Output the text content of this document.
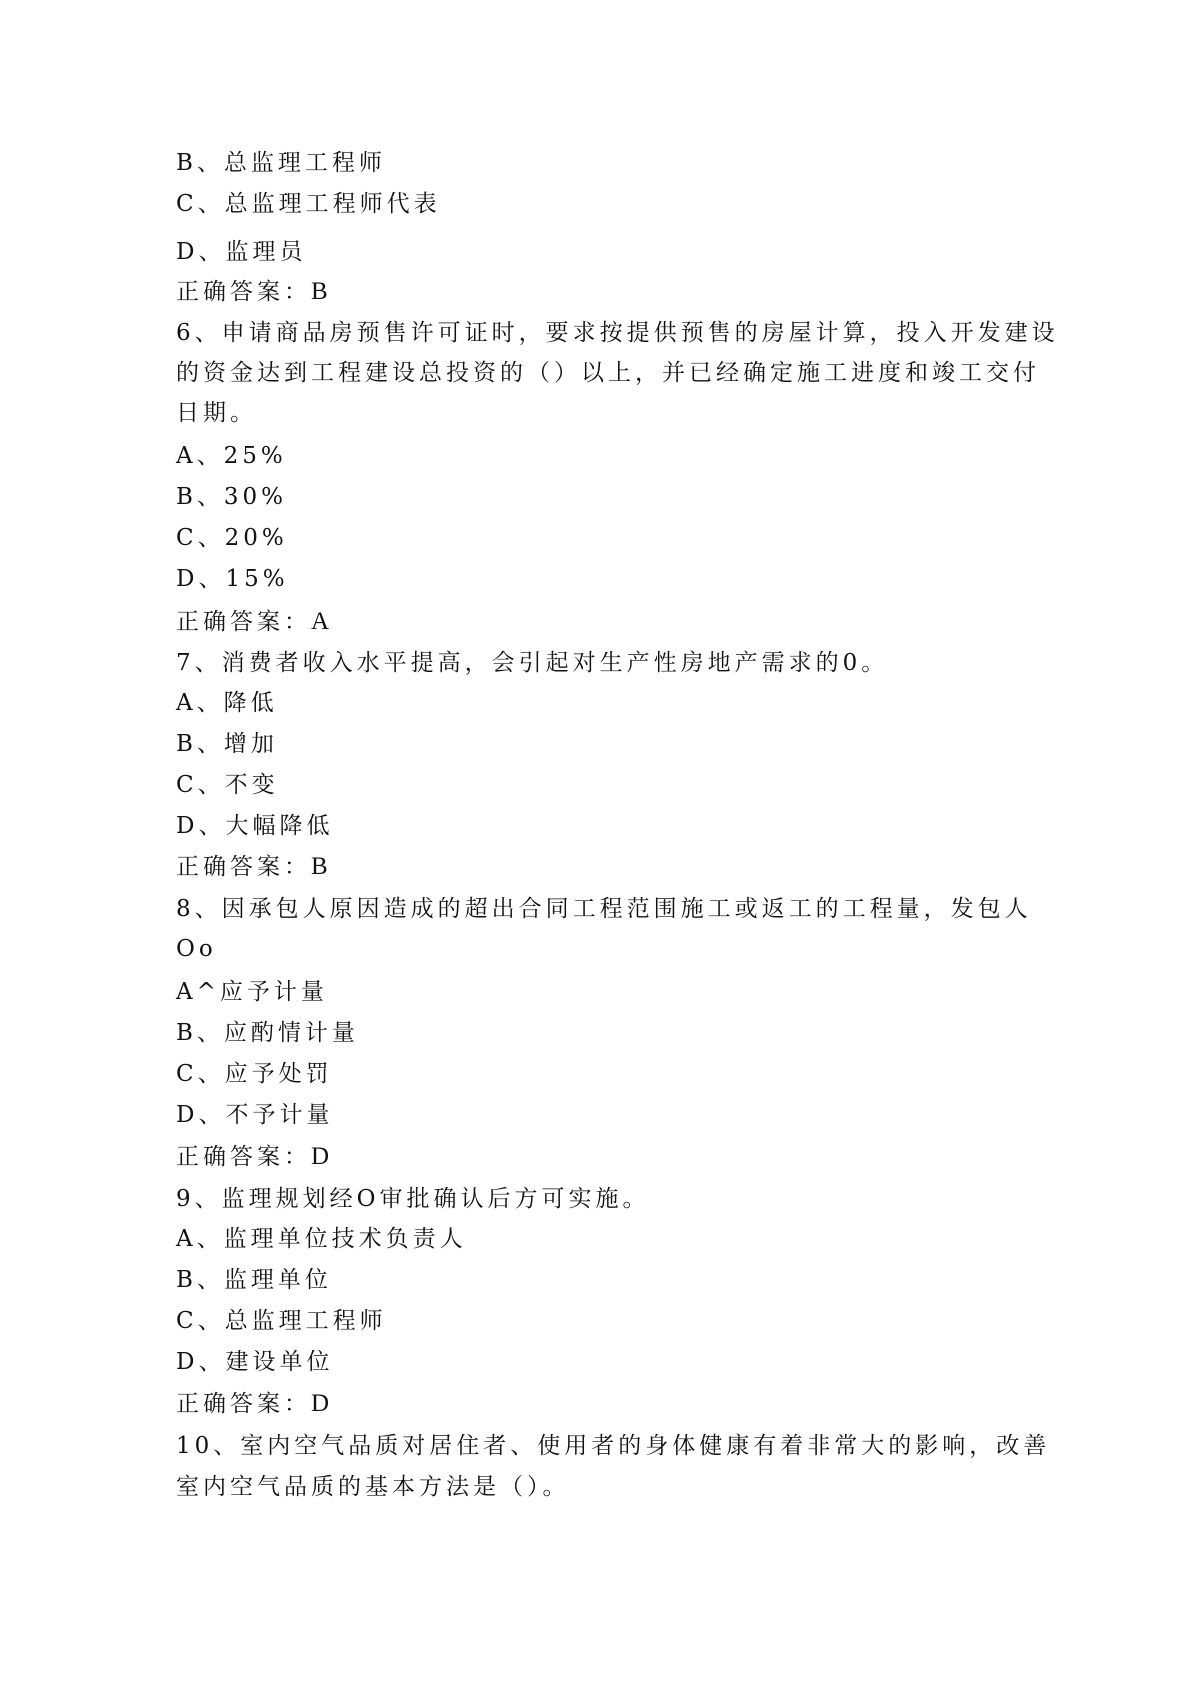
B、总监理工程师
C、总监理工程师代表
D、监理员
正确答案：B
6、申请商品房预售许可证时，要求按提供预售的房屋计算，投入开发建设
的资金达到工程建设总投资的（）以上，并已经确定施工进度和竣工交付
日期。
A、25%
B、30%
C、20%
D、15%
正确答案：A
7、消费者收入水平提高，会引起对生产性房地产需求的0。
A、降低
B、增加
C、不变
D、大幅降低
正确答案：B
8、因承包人原因造成的超出合同工程范围施工或返工的工程量，发包人
Oo
A^应予计量
B、应酌情计量
C、应予处罚
D、不予计量
正确答案：D
9、监理规划经O审批确认后方可实施。
A、监理单位技术负责人
B、监理单位
C、总监理工程师
D、建设单位
正确答案：D
10、室内空气品质对居住者、使用者的身体健康有着非常大的影响，改善
室内空气品质的基本方法是（）。
